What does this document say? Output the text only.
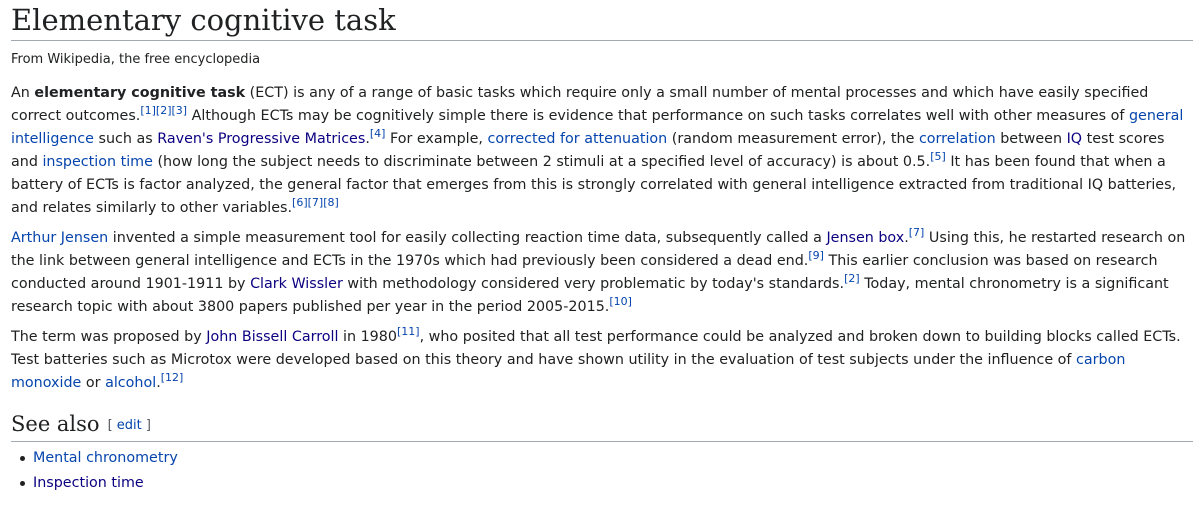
Elementary cognitive task
From Wikipedia, the free encyclopedia

An elementary cognitive task (ECT) is any of a range of basic tasks which require only a small number of mental processes and which have easily specified correct outcomes.[1][2][3] Although ECTs may be cognitively simple there is evidence that performance on such tasks correlates well with other measures of general intelligence such as Raven's Progressive Matrices.[4] For example, corrected for attenuation (random measurement error), the correlation between IQ test scores and inspection time (how long the subject needs to discriminate between 2 stimuli at a specified level of accuracy) is about 0.5.[5] It has been found that when a battery of ECTs is factor analyzed, the general factor that emerges from this is strongly correlated with general intelligence extracted from traditional IQ batteries, and relates similarly to other variables.[6][7][8]

Arthur Jensen invented a simple measurement tool for easily collecting reaction time data, subsequently called a Jensen box.[7] Using this, he restarted research on the link between general intelligence and ECTs in the 1970s which had previously been considered a dead end.[9] This earlier conclusion was based on research conducted around 1901-1911 by Clark Wissler with methodology considered very problematic by today's standards.[2] Today, mental chronometry is a significant research topic with about 3800 papers published per year in the period 2005-2015.[10]

The term was proposed by John Bissell Carroll in 1980[11], who posited that all test performance could be analyzed and broken down to building blocks called ECTs. Test batteries such as Microtox were developed based on this theory and have shown utility in the evaluation of test subjects under the influence of carbon monoxide or alcohol.[12]

See also [ edit ]
Mental chronometry
Inspection time
